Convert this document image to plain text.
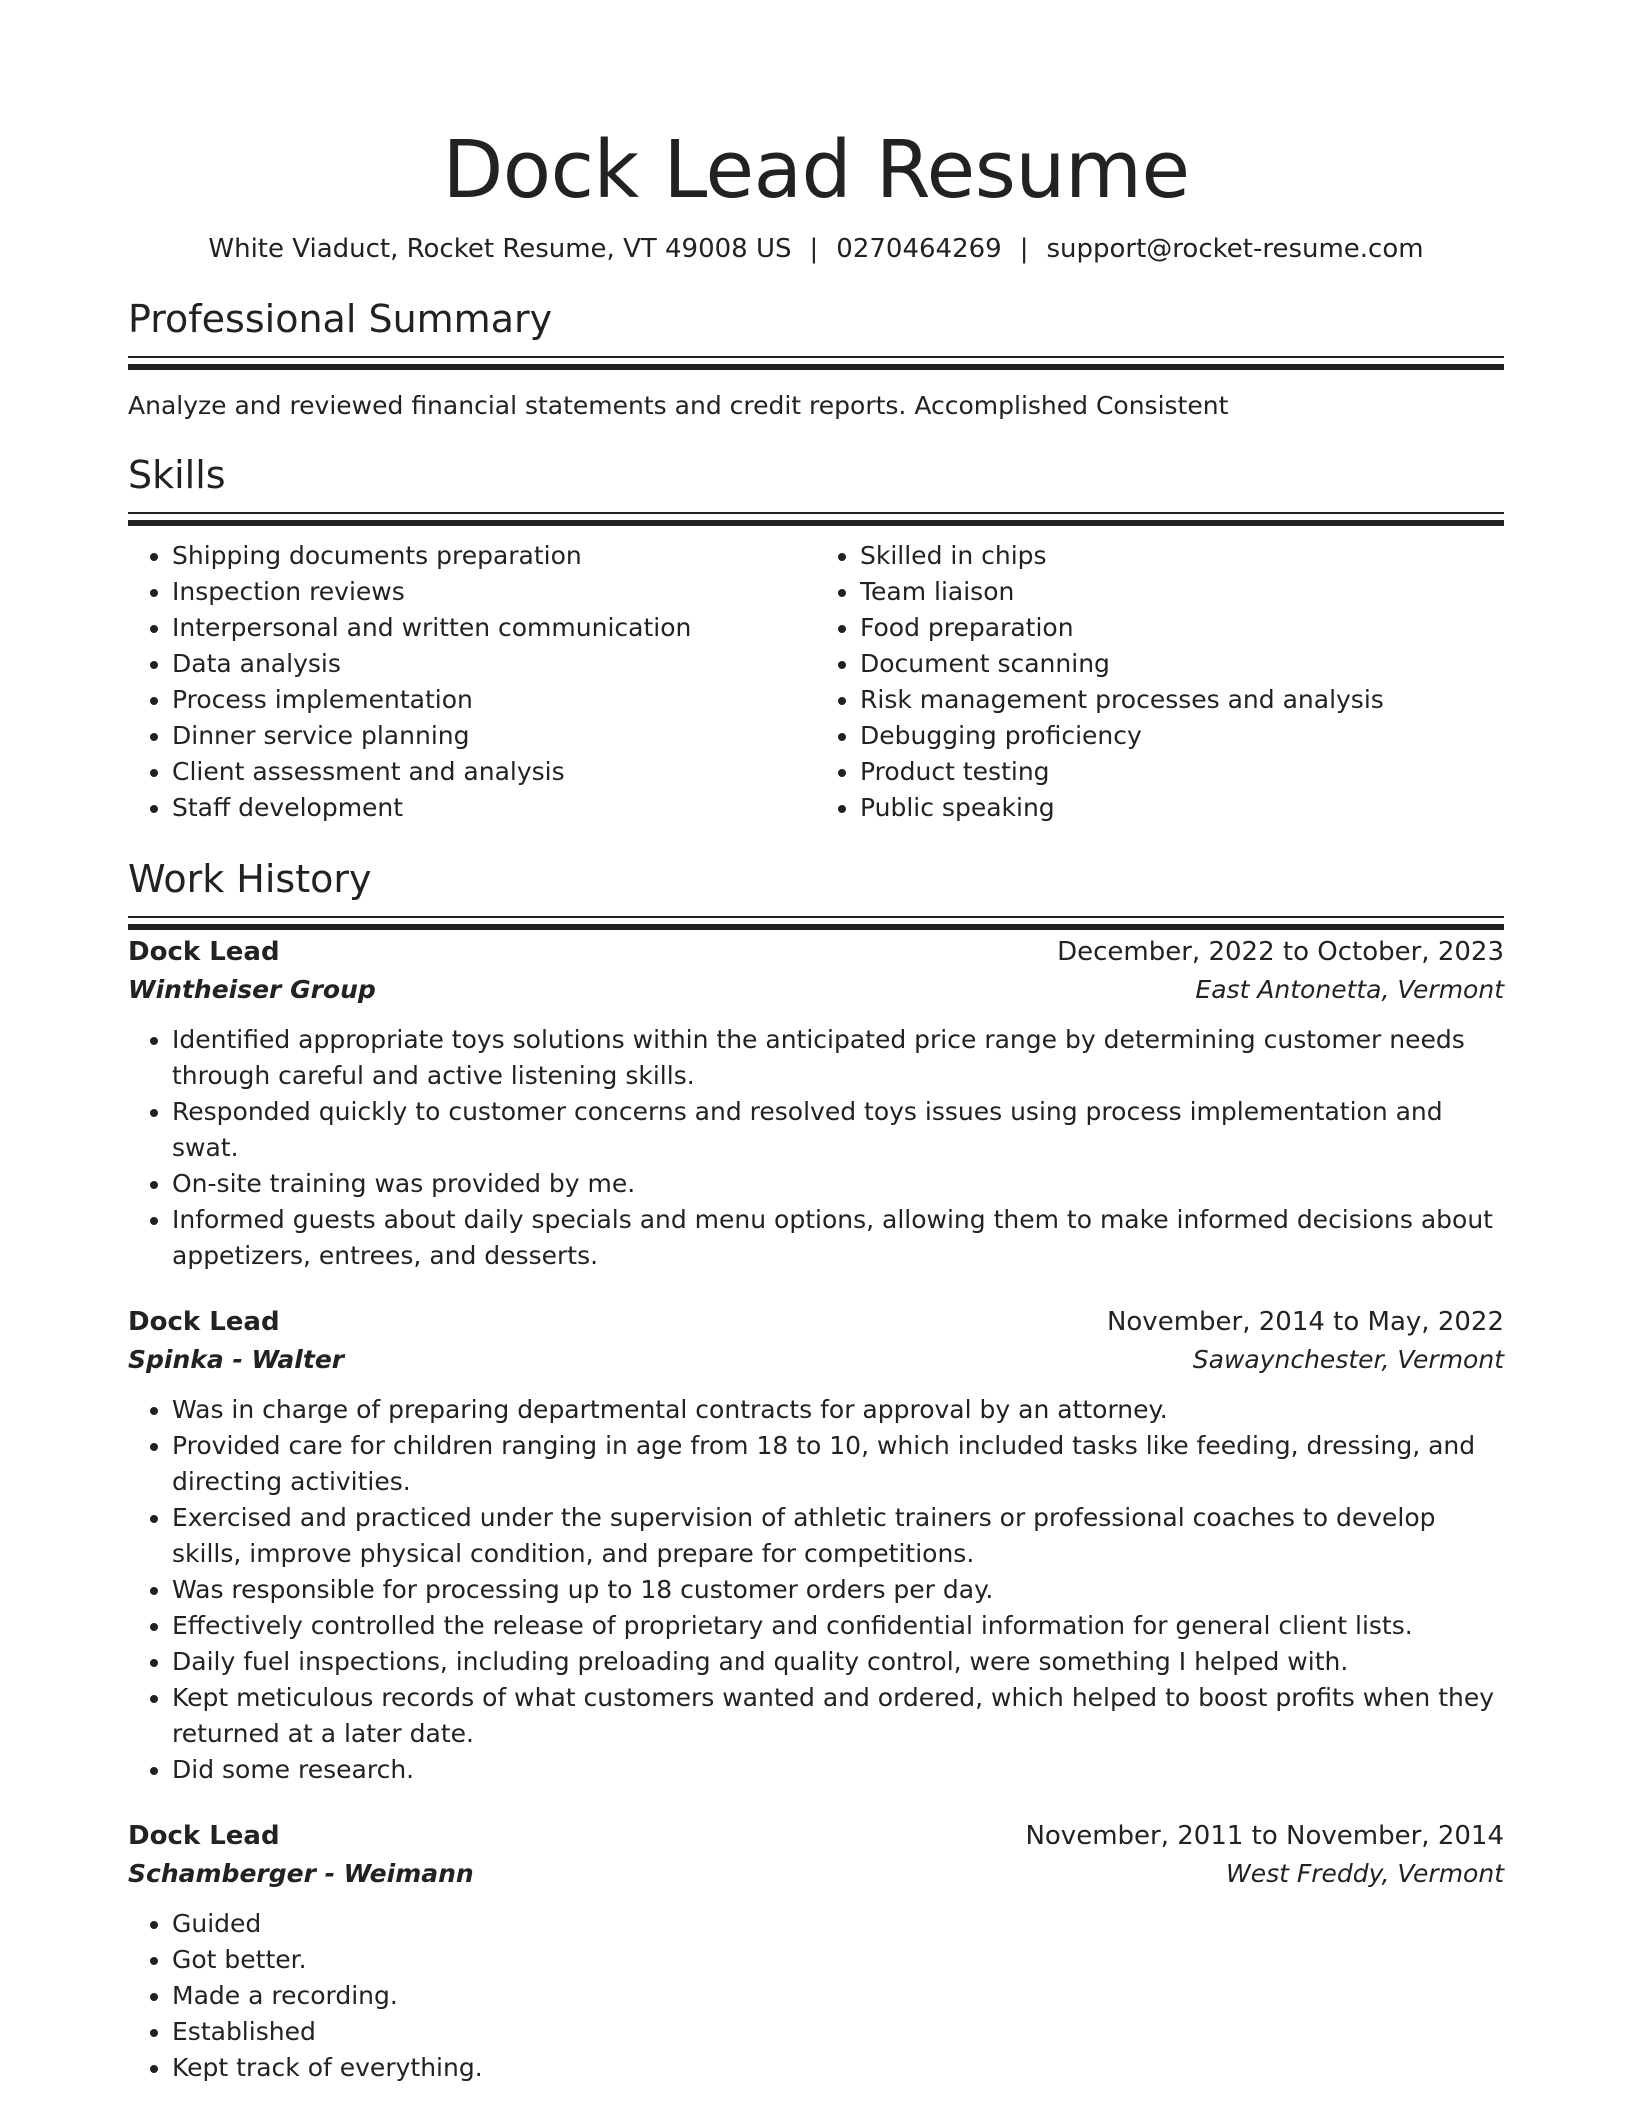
Dock Lead Resume
White Viaduct, Rocket Resume, VT 49008 US | 0270464269 | support@rocket-resume.com
Professional Summary
Analyze and reviewed financial statements and credit reports. Accomplished Consistent
Skills
• Shipping documents preparation
• Inspection reviews
• Interpersonal and written communication
• Data analysis
• Process implementation
• Dinner service planning
• Client assessment and analysis
• Staff development
• Skilled in chips
• Team liaison
• Food preparation
• Document scanning
• Risk management processes and analysis
• Debugging proficiency
• Product testing
• Public speaking
Work History
Dock Lead	December, 2022 to October, 2023
Wintheiser Group	East Antonetta, Vermont
• Identified appropriate toys solutions within the anticipated price range by determining customer needs through careful and active listening skills.
• Responded quickly to customer concerns and resolved toys issues using process implementation and swat.
• On-site training was provided by me.
• Informed guests about daily specials and menu options, allowing them to make informed decisions about appetizers, entrees, and desserts.
Dock Lead	November, 2014 to May, 2022
Spinka - Walter	Sawaynchester, Vermont
• Was in charge of preparing departmental contracts for approval by an attorney.
• Provided care for children ranging in age from 18 to 10, which included tasks like feeding, dressing, and directing activities.
• Exercised and practiced under the supervision of athletic trainers or professional coaches to develop skills, improve physical condition, and prepare for competitions.
• Was responsible for processing up to 18 customer orders per day.
• Effectively controlled the release of proprietary and confidential information for general client lists.
• Daily fuel inspections, including preloading and quality control, were something I helped with.
• Kept meticulous records of what customers wanted and ordered, which helped to boost profits when they returned at a later date.
• Did some research.
Dock Lead	November, 2011 to November, 2014
Schamberger - Weimann	West Freddy, Vermont
• Guided
• Got better.
• Made a recording.
• Established
• Kept track of everything.
